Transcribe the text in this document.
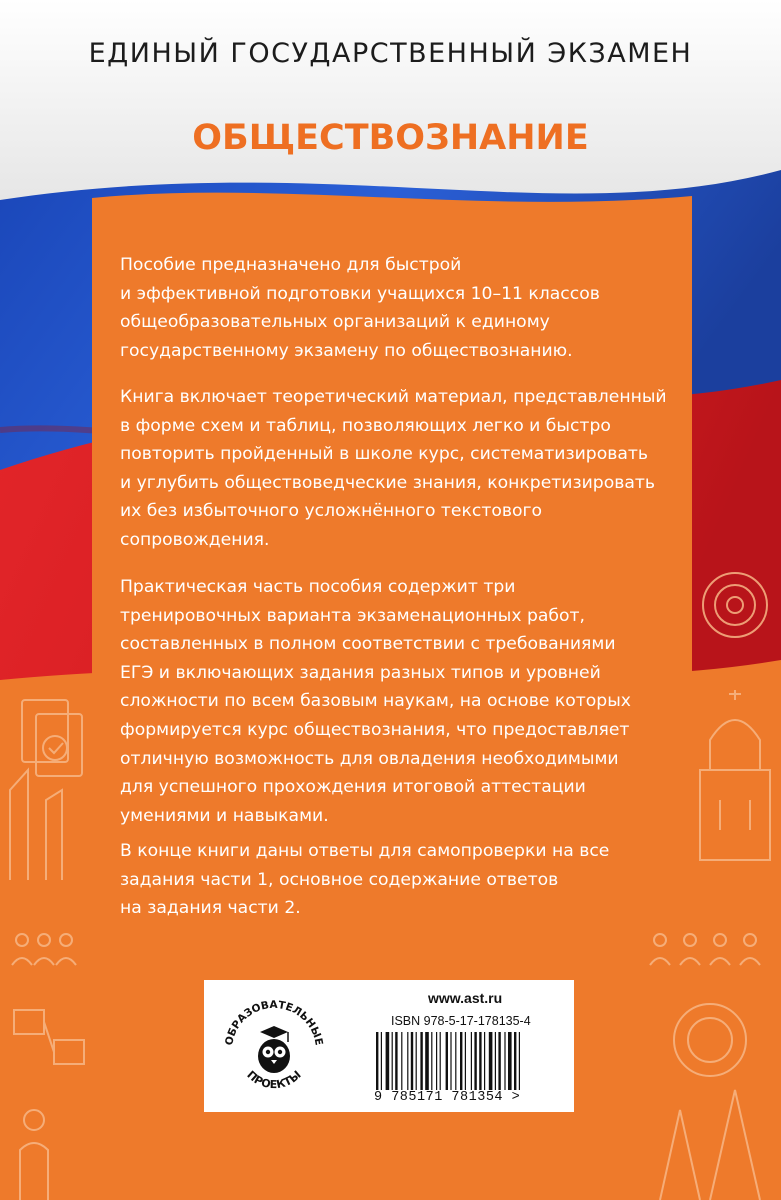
ЕДИНЫЙ ГОСУДАРСТВЕННЫЙ ЭКЗАМЕН

ОБЩЕСТВОЗНАНИЕ

Пособие предназначено для быстрой
и эффективной подготовки учащихся 10–11 классов
общеобразовательных организаций к единому
государственному экзамену по обществознанию.

Книга включает теоретический материал, представленный
в форме схем и таблиц, позволяющих легко и быстро
повторить пройденный в школе курс, систематизировать
и углубить обществоведческие знания, конкретизировать
их без избыточного усложнённого текстового
сопровождения.

Практическая часть пособия содержит три
тренировочных варианта экзаменационных работ,
составленных в полном соответствии с требованиями
ЕГЭ и включающих задания разных типов и уровней
сложности по всем базовым наукам, на основе которых
формируется курс обществознания, что предоставляет
отличную возможность для овладения необходимыми
для успешного прохождения итоговой аттестации
умениями и навыками.

В конце книги даны ответы для самопроверки на все
задания части 1, основное содержание ответов
на задания части 2.

ОБРАЗОВАТЕЛЬНЫЕ
ПРОЕКТЫ

www.ast.ru

ISBN 978-5-17-178135-4

9 785171 781354 >
